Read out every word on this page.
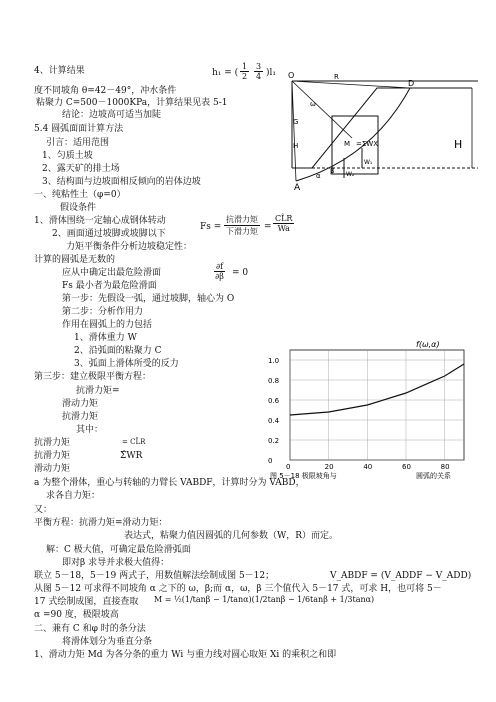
4、计算结果
度不同坡角 θ=42－49°，冲水条件
粘聚力 C=500－1000KPa，计算结果见表 5-1
结论：边坡高可适当加陡
5.4 圆弧面面计算方法
引言：适用范围
1、匀质土坡
2、露天矿的排土场
3、结构面与边坡面相反倾向的岩体边坡
一、纯粘性土（φ=0）
假设条件
1、滑体围绕一定轴心成钢体转动
2、画面通过坡脚或坡脚以下
力矩平衡条件分析边坡稳定性：
计算的圆弧是无数的
应从中确定出最危险滑面
Fs 最小者为最危险滑面
第一步：先假设一弧，通过坡脚，轴心为 O
第二步：分析作用力
作用在圆弧上的力包括
1、滑体重力 W
2、沿弧面的粘聚力 C
3、弧面上滑体所受的反力
第三步：建立极限平衡方程：
抗滑力矩=
滑动力矩
抗滑力矩
其中：
抗滑力矩
抗滑力矩
滑动力矩
a 为整个滑体，重心与转轴的力臂长 VABDF，计算时分为 VABD，
求各自力矩：
又：
平衡方程：抗滑力矩=滑动力矩：
表达式，粘聚力值因圆弧的几何参数（W，R）而定。
解：C 极大值，可确定最危险滑弧面
即对β 求导并求极大值得：
联立 5－18，5－19 两式子，用数值解法绘制成图 5－12；
从图 5－12 可求得不同坡角 α 之下的 ω，β;而 α，ω，β 三个值代入 5－17 式，可求 H，也可将 5－
17 式绘制成图，直接查取
α =90 度，极限坡高
二、兼有 C 和φ 时的条分法
将滑体划分为垂直分条
1、滑动力矩 Md 为各分条的重力 Wi 与重力线对圆心取矩 Xi 的乘积之和即
h₁ = ( $\frac{1}{2} \frac{3}{4} )l_1$
Fs =
抗滑力矩
下滑力矩 = $\frac{CL̂R}{Wa}$
$\frac{\partial f}{\partial\beta} = 0$
= CL̂R
Σ̂WR
V_ABDF = (V_ADDF − V_ADD)
M = ½(1/tanβ − 1/tanα)(1/2tanβ − 1/6tanβ + 1/3tanα)
O	R
D
G
H	M =ΣWX	H
A
ω
α
β
W₁
W₂
0	20	40	60	80
1.0
0.8
0.6
0.4
0.2
0
f(ω,α)
图 5－18 极限坡角与	圆弧的关系
